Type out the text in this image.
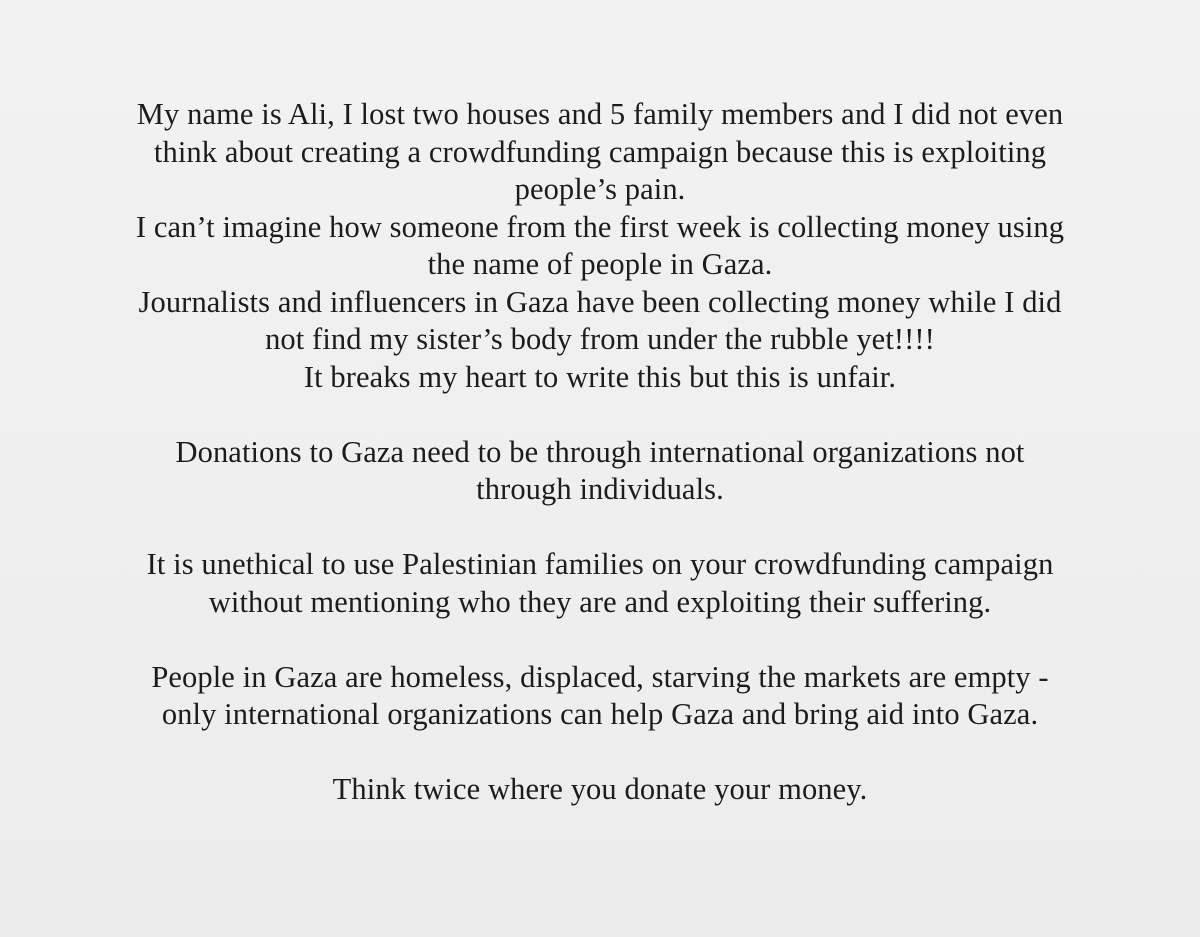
My name is Ali, I lost two houses and 5 family members and I did not even
think about creating a crowdfunding campaign because this is exploiting
people’s pain.
I can’t imagine how someone from the first week is collecting money using
the name of people in Gaza.
Journalists and influencers in Gaza have been collecting money while I did
not find my sister’s body from under the rubble yet!!!!
It breaks my heart to write this but this is unfair.
Donations to Gaza need to be through international organizations not
through individuals.
It is unethical to use Palestinian families on your crowdfunding campaign
without mentioning who they are and exploiting their suffering.
People in Gaza are homeless, displaced, starving the markets are empty -
only international organizations can help Gaza and bring aid into Gaza.
Think twice where you donate your money.
